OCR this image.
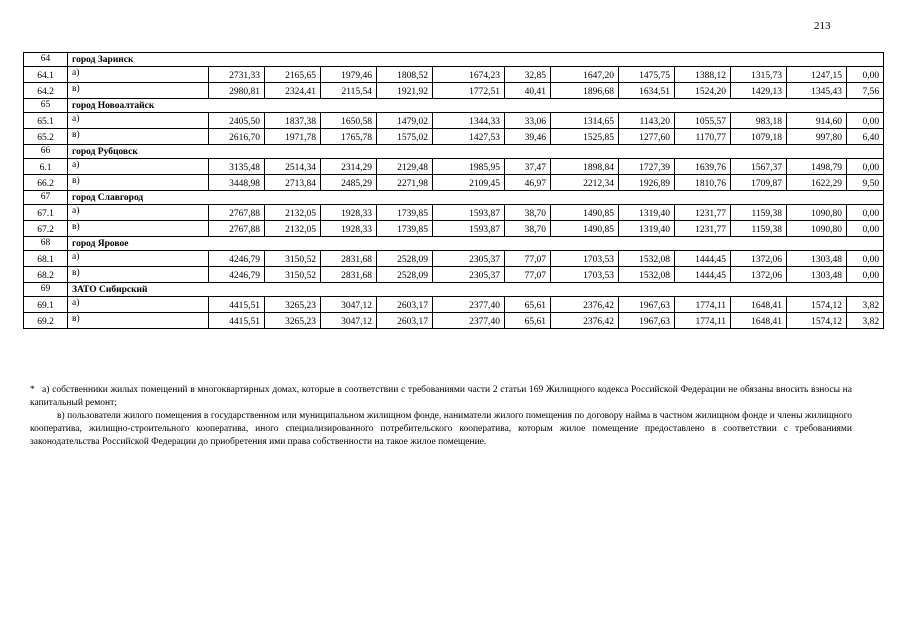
213
64	город Заринск												
64.1	а)	2731,33	2165,65	1979,46	1808,52	1674,23	32,85	1647,20	1475,75	1388,12	1315,73	1247,15	0,00
64.2	в)	2980,81	2324,41	2115,54	1921,92	1772,51	40,41	1896,68	1634,51	1524,20	1429,13	1345,43	7,56
65	город Новоалтайск												
65.1	а)	2405,50	1837,38	1650,58	1479,02	1344,33	33,06	1314,65	1143,20	1055,57	983,18	914,60	0,00
65.2	в)	2616,70	1971,78	1765,78	1575,02	1427,53	39,46	1525,85	1277,60	1170,77	1079,18	997,80	6,40
66	город Рубцовск												
6.1	а)	3135,48	2514,34	2314,29	2129,48	1985,95	37,47	1898,84	1727,39	1639,76	1567,37	1498,79	0,00
66.2	в)	3448,98	2713,84	2485,29	2271,98	2109,45	46,97	2212,34	1926,89	1810,76	1709,87	1622,29	9,50
67	город Славгород												
67.1	а)	2767,88	2132,05	1928,33	1739,85	1593,87	38,70	1490,85	1319,40	1231,77	1159,38	1090,80	0,00
67.2	в)	2767,88	2132,05	1928,33	1739,85	1593,87	38,70	1490,85	1319,40	1231,77	1159,38	1090,80	0,00
68	город Яровое												
68.1	а)	4246,79	3150,52	2831,68	2528,09	2305,37	77,07	1703,53	1532,08	1444,45	1372,06	1303,48	0,00
68.2	в)	4246,79	3150,52	2831,68	2528,09	2305,37	77,07	1703,53	1532,08	1444,45	1372,06	1303,48	0,00
69	ЗАТО Сибирский												
69.1	а)	4415,51	3265,23	3047,12	2603,17	2377,40	65,61	2376,42	1967,63	1774,11	1648,41	1574,12	3,82
69.2	в)	4415,51	3265,23	3047,12	2603,17	2377,40	65,61	2376,42	1967,63	1774,11	1648,41	1574,12	3,82

* а) собственники жилых помещений в многоквартирных домах, которые в соответствии с требованиями части 2 статьи 169 Жилищного кодекса Российской Федерации не обязаны вносить взносы на капитальный ремонт;

в) пользователи жилого помещения в государственном или муниципальном жилищном фонде, наниматели жилого помещения по договору найма в частном жилищном фонде и члены жилищного кооператива, жилищно-строительного кооператива, иного специализированного потребительского кооператива, которым жилое помещение предоставлено в соответствии с требованиями законодательства Российской Федерации до приобретения ими права собственности на такое жилое помещение.
